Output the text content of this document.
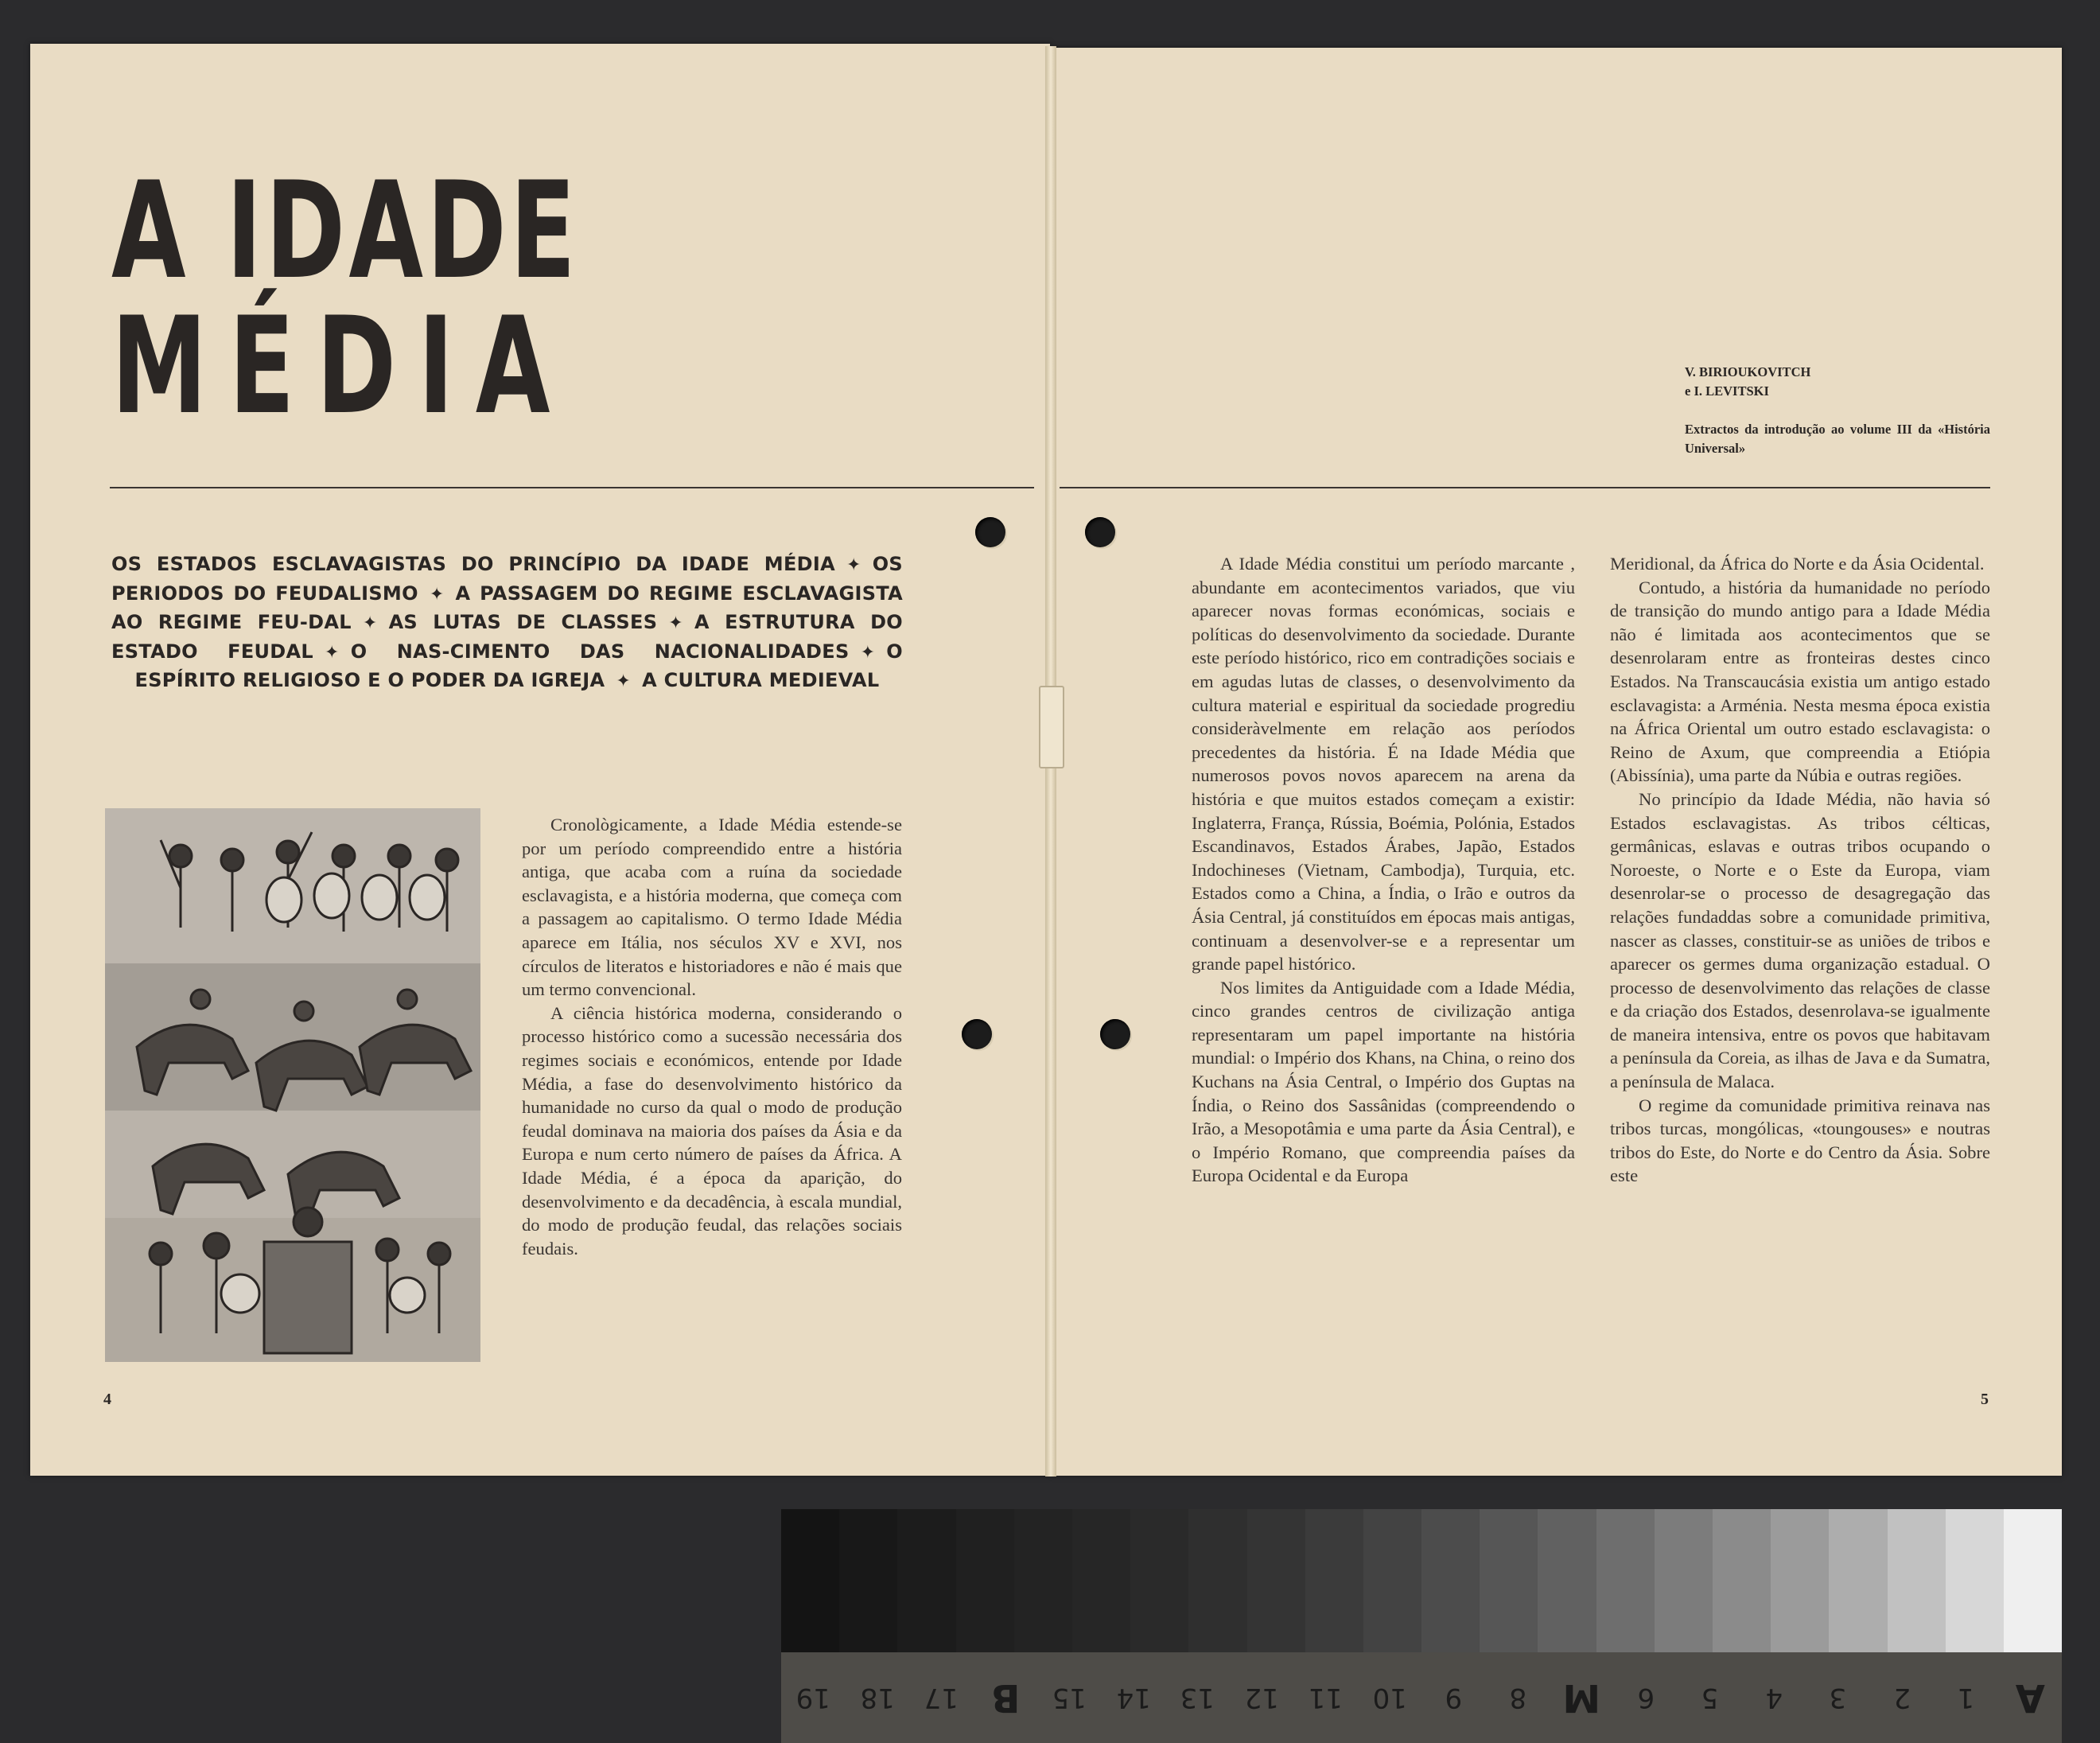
A IDADE
MÉDIA
OS ESTADOS ESCLAVAGISTAS DO PRINCÍPIO DA IDADE MÉDIA ✦ OS PERIODOS DO FEUDALISMO ✦ A PASSAGEM DO REGIME ESCLAVAGISTA AO REGIME FEU-DAL ✦ AS LUTAS DE CLASSES ✦ A ESTRUTURA DO ESTADO FEUDAL ✦ O NAS-CIMENTO DAS NACIONALIDADES ✦ O ESPÍRITO RELIGIOSO E O PODER DA IGREJA ✦ A CULTURA MEDIEVAL

Cronològicamente, a Idade Média estende-se por um período compreendido entre a história antiga, que acaba com a ruína da sociedade esclavagista, e a história moderna, que começa com a passagem ao capitalismo. O termo Idade Média aparece em Itália, nos séculos XV e XVI, nos círculos de literatos e historiadores e não é mais que um termo convencional.

A ciência histórica moderna, considerando o processo histórico como a sucessão necessária dos regimes sociais e económicos, entende por Idade Média, a fase do desenvolvimento histórico da humanidade no curso da qual o modo de produção feudal dominava na maioria dos países da Ásia e da Europa e num certo número de países da África. A Idade Média, é a época da aparição, do desenvolvimento e da decadência, à escala mundial, do modo de produção feudal, das relações sociais feudais.

4
V. BIRIOUKOVITCH
e I. LEVITSKI
Extractos da introdução ao volume III da «História Universal»

A Idade Média constitui um período marcante , abundante em acontecimentos variados, que viu aparecer novas formas económicas, sociais e políticas do desenvolvimento da sociedade. Durante este período histórico, rico em contradições sociais e em agudas lutas de classes, o desenvolvimento da cultura material e espiritual da sociedade progrediu consideràvelmente em relação aos períodos precedentes da história. É na Idade Média que numerosos povos novos aparecem na arena da história e que muitos estados começam a existir: Inglaterra, França, Rússia, Boémia, Polónia, Estados Escandinavos, Estados Árabes, Japão, Estados Indochineses (Vietnam, Cambodja), Turquia, etc. Estados como a China, a Índia, o Irão e outros da Ásia Central, já constituídos em épocas mais antigas, continuam a desenvolver-se e a representar um grande papel histórico.

Nos limites da Antiguidade com a Idade Média, cinco grandes centros de civilização antiga representaram um papel importante na história mundial: o Império dos Khans, na China, o reino dos Kuchans na Ásia Central, o Império dos Guptas na Índia, o Reino dos Sassânidas (compreendendo o Irão, a Mesopotâmia e uma parte da Ásia Central), e o Império Romano, que compreendia países da Europa Ocidental e da Europa

Meridional, da África do Norte e da Ásia Ocidental.

Contudo, a história da humanidade no período de transição do mundo antigo para a Idade Média não é limitada aos acontecimentos que se desenrolaram entre as fronteiras destes cinco Estados. Na Transcaucásia existia um antigo estado esclavagista: a Arménia. Nesta mesma época existia na África Oriental um outro estado esclavagista: o Reino de Axum, que compreendia a Etiópia (Abissínia), uma parte da Núbia e outras regiões.

No princípio da Idade Média, não havia só Estados esclavagistas. As tribos célticas, germânicas, eslavas e outras tribos ocupando o Noroeste, o Norte e o Este da Europa, viam desenrolar-se o processo de desagregação das relações fundaddas sobre a comunidade primitiva, nascer as classes, constituir-se as uniões de tribos e aparecer os germes duma organização estadual. O processo de desenvolvimento das relações de classe e da criação dos Estados, desenrolava-se igualmente de maneira intensiva, entre os povos que habitavam a península da Coreia, as ilhas de Java e da Sumatra, a península de Malaca.

O regime da comunidade primitiva reinava nas tribos turcas, mongólicas, «toungouses» e noutras tribos do Este, do Norte e do Centro da Ásia. Sobre este

5
A
1
2
3
4
5
6
M
8
9
10
11
12
13
14
15
B
17
18
19
